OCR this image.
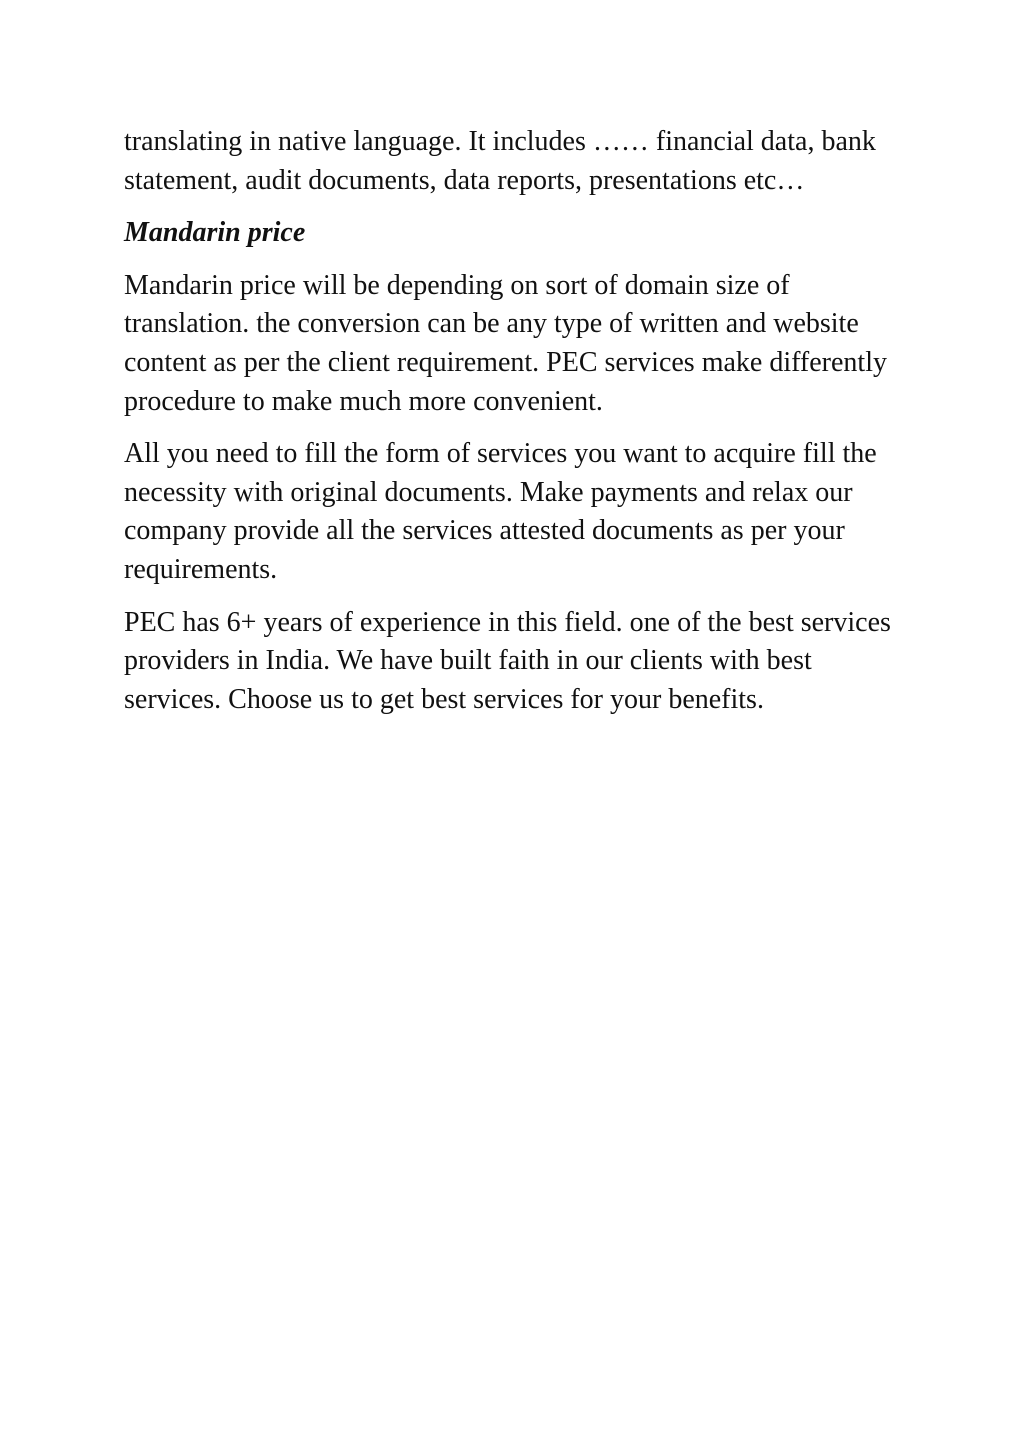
translating in native language. It includes …… financial data, bank statement, audit documents, data reports, presentations etc…

Mandarin price

Mandarin price will be depending on sort of domain size of translation. the conversion can be any type of written and website content as per the client requirement. PEC services make differently procedure to make much more convenient.

All you need to fill the form of services you want to acquire fill the necessity with original documents. Make payments and relax our company provide all the services attested documents as per your requirements.

PEC has 6+ years of experience in this field. one of the best services providers in India. We have built faith in our clients with best services. Choose us to get best services for your benefits.
